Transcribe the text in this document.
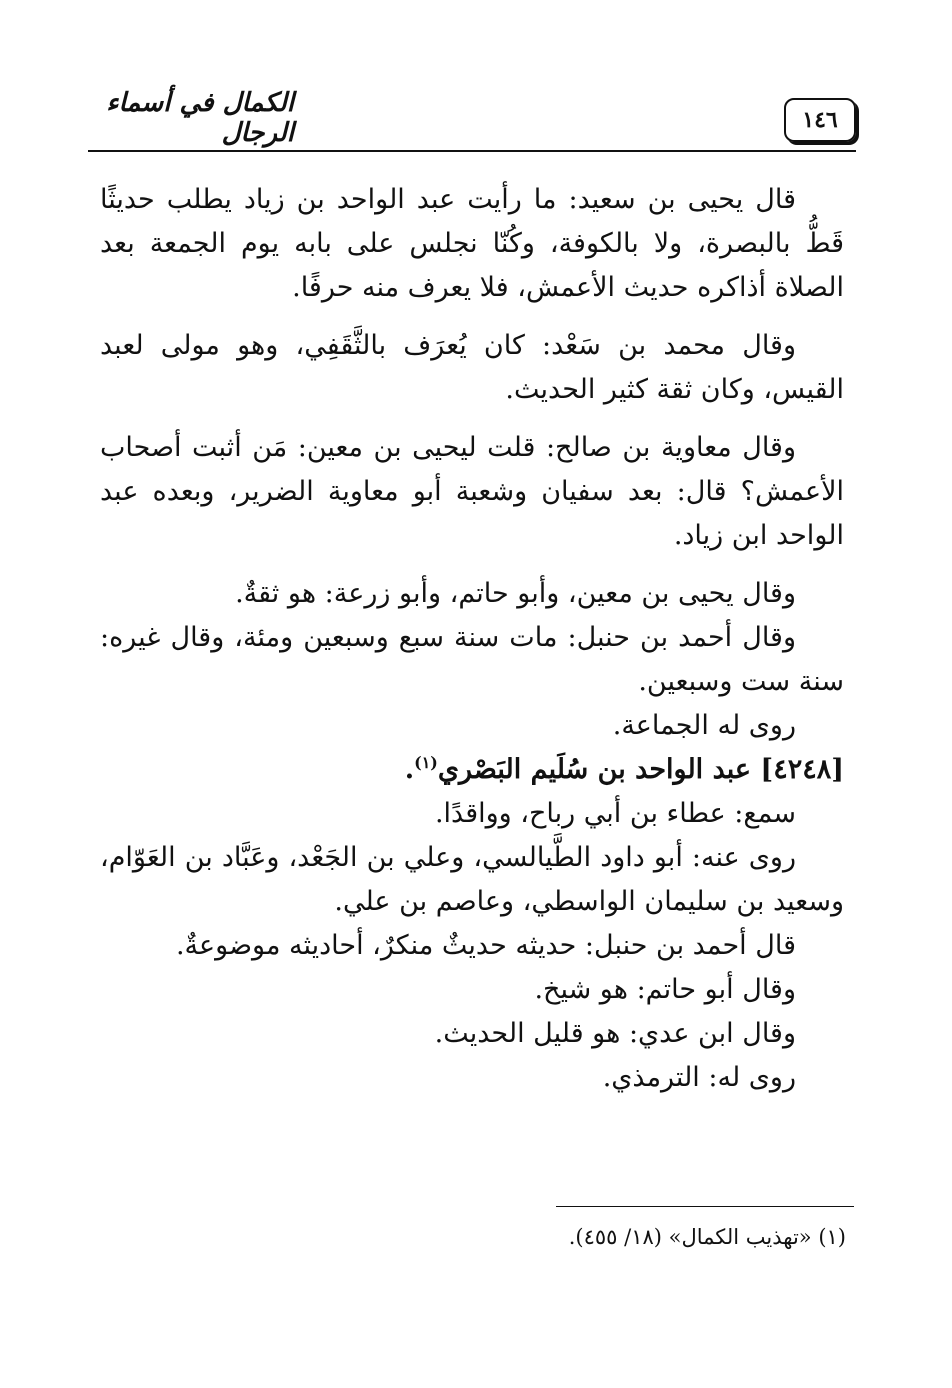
الكمال في أسماء الرجال	١٤٦

قال يحيى بن سعيد: ما رأيت عبد الواحد بن زياد يطلب حديثًا قَطُّ بالبصرة، ولا بالكوفة، وكُنّا نجلس على بابه يوم الجمعة بعد الصلاة أذاكره حديث الأعمش، فلا يعرف منه حرفًا.

وقال محمد بن سَعْد: كان يُعرَف بالثَّقَفِي، وهو مولى لعبد القيس، وكان ثقة كثير الحديث.

وقال معاوية بن صالح: قلت ليحيى بن معين: مَن أثبت أصحاب الأعمش؟ قال: بعد سفيان وشعبة أبو معاوية الضرير، وبعده عبد الواحد ابن زياد.

وقال يحيى بن معين، وأبو حاتم، وأبو زرعة: هو ثقةٌ.

وقال أحمد بن حنبل: مات سنة سبع وسبعين ومئة، وقال غيره: سنة ست وسبعين.

روى له الجماعة.

[٤٢٤٨] عبد الواحد بن سُلَيم البَصْري$^{(١)}$.

سمع: عطاء بن أبي رباح، وواقدًا.

روى عنه: أبو داود الطَّيالسي، وعلي بن الجَعْد، وعَبَّاد بن العَوّام، وسعيد بن سليمان الواسطي، وعاصم بن علي.

قال أحمد بن حنبل: حديثه حديثٌ منكرٌ، أحاديثه موضوعةٌ.

وقال أبو حاتم: هو شيخ.

وقال ابن عدي: هو قليل الحديث.

روى له: الترمذي.

(١) «تهذيب الكمال» (١٨/ ٤٥٥).
